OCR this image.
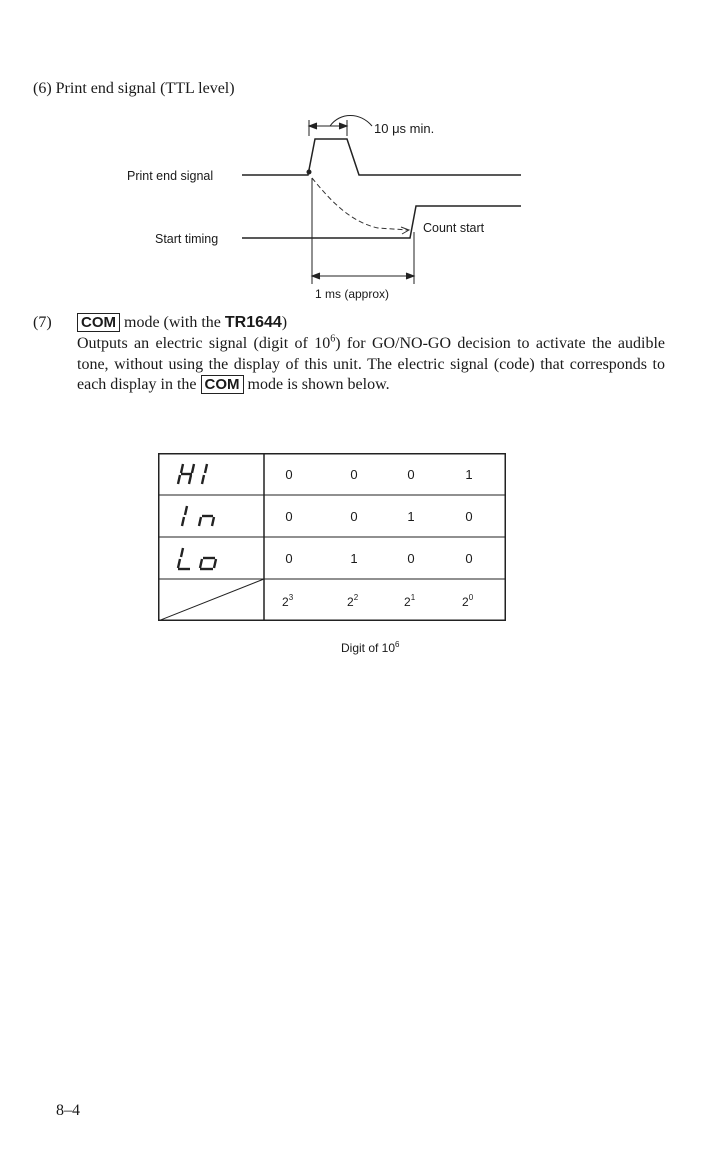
(6) Print end signal (TTL level)
10 μs min.
Print end signal
Start timing
Count start
1 ms (approx)
(7) COM mode (with the TR1644)
Outputs an electric signal (digit of $10^6$) for GO/NO-GO decision to activate the audible tone, without using the display of this unit. The electric signal (code) that corresponds to each display in the COM mode is shown below.
0	0	0	1
0	0	1	0
0	1	0	0
$2^3$	$2^2$	$2^1$	$2^0$
Digit of $10^6$
8–4
